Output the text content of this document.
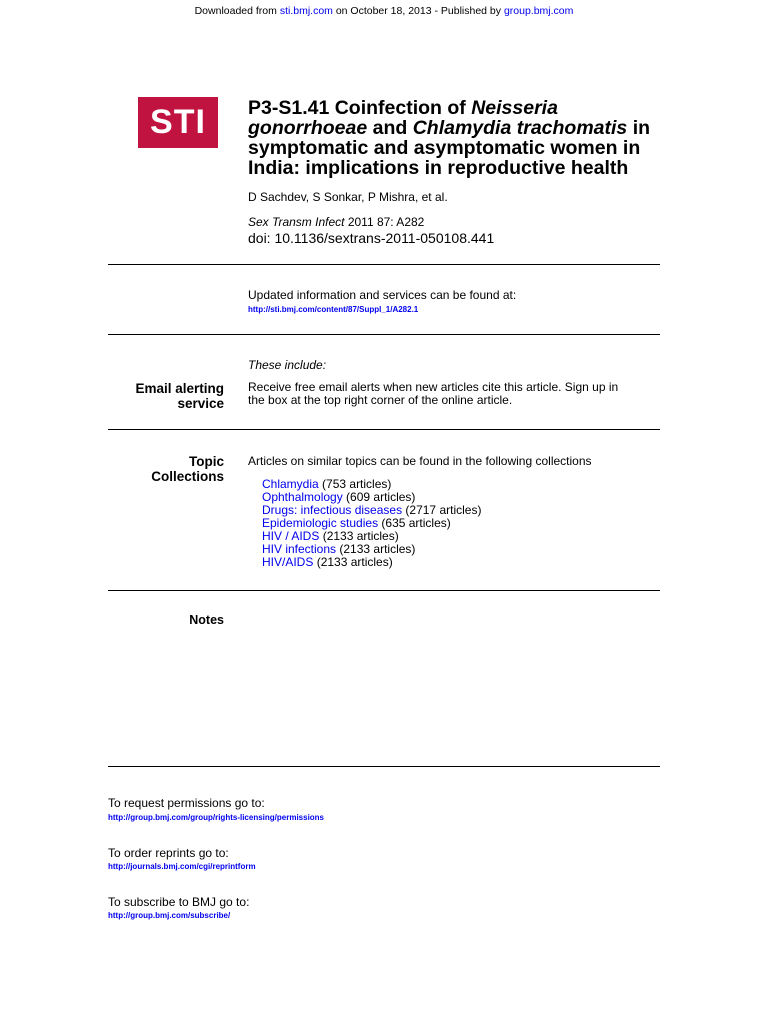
Downloaded from sti.bmj.com on October 18, 2013 - Published by group.bmj.com
STI P3-S1.41 Coinfection of Neisseria gonorrhoeae and Chlamydia trachomatis in symptomatic and asymptomatic women in India: implications in reproductive health
D Sachdev, S Sonkar, P Mishra, et al.
Sex Transm Infect 2011 87: A282
doi: 10.1136/sextrans-2011-050108.441
Updated information and services can be found at:
http://sti.bmj.com/content/87/Suppl_1/A282.1
These include:
Email alerting
service
Receive free email alerts when new articles cite this article. Sign up in
the box at the top right corner of the online article.
Topic
Collections
Articles on similar topics can be found in the following collections
Chlamydia (753 articles)
Ophthalmology (609 articles)
Drugs: infectious diseases (2717 articles)
Epidemiologic studies (635 articles)
HIV / AIDS (2133 articles)
HIV infections (2133 articles)
HIV/AIDS (2133 articles)
Notes
To request permissions go to:
http://group.bmj.com/group/rights-licensing/permissions
To order reprints go to:
http://journals.bmj.com/cgi/reprintform
To subscribe to BMJ go to:
http://group.bmj.com/subscribe/
